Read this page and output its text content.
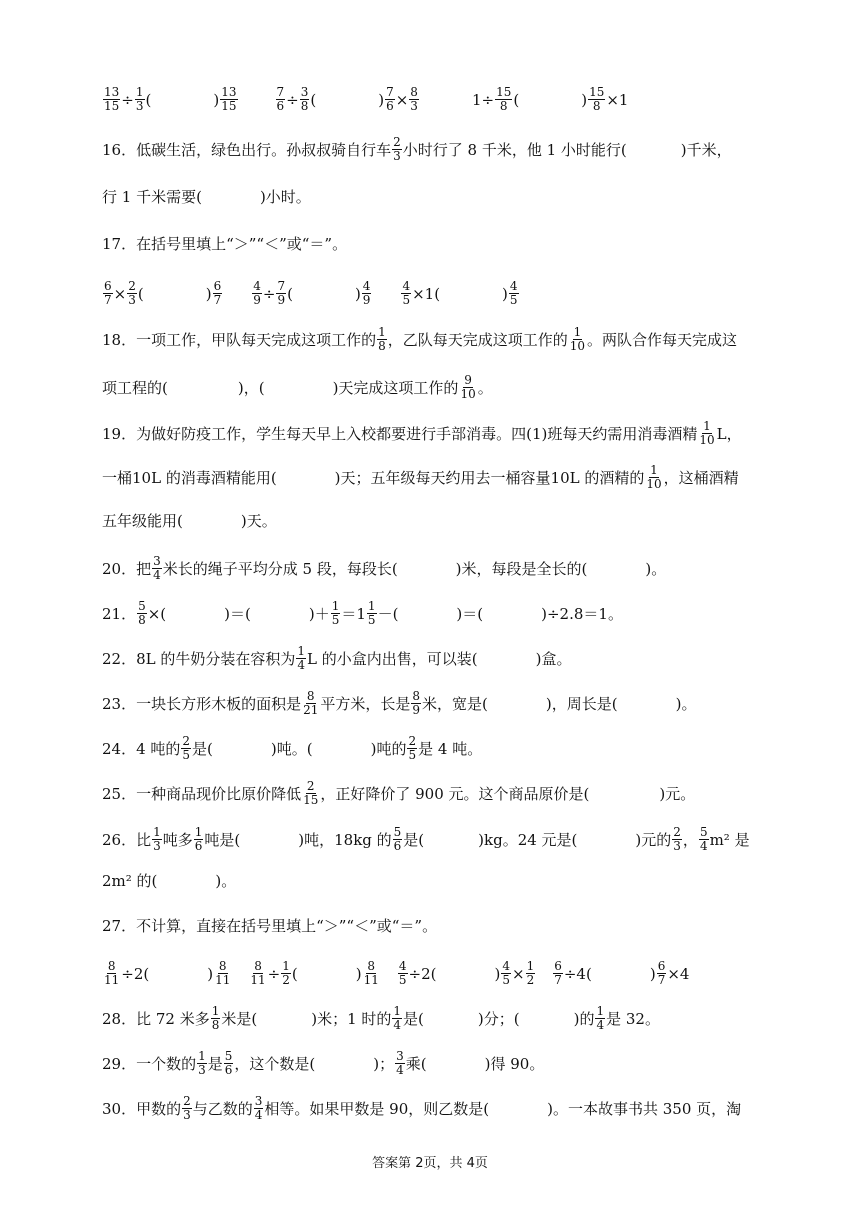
$\frac{13}{15} \div \frac{1}{3}$ (	) $\frac{13}{15}$	$\frac{7}{6} \div \frac{3}{8}$ (	) $\frac{7}{6} \times \frac{8}{3}$	$1\div \frac{15}{8}$ (	) $\frac{15}{8} \times 1$
16．低碳生活，绿色出行。孙叔叔骑自行车 $\frac{2}{3}$ 小时行了 8 千米，他 1 小时能行(	)千米，
行 1 千米需要(	)小时。
17．在括号里填上“＞”“＜”或“＝”。
$\frac{6}{7} \times \frac{2}{3}$ (	) $\frac{6}{7}$	$\frac{4}{9} \div \frac{7}{9}$ (	) $\frac{4}{9}$	$\frac{4}{5} \times 1$(	) $\frac{4}{5}$
18．一项工作，甲队每天完成这项工作的 $\frac{1}{8}$ ，乙队每天完成这项工作的 $\frac{1}{10}$ 。两队合作每天完成这
项工程的(	)，(	)天完成这项工作的 $\frac{9}{10}$ 。
19．为做好防疫工作，学生每天早上入校都要进行手部消毒。四(1)班每天约需用消毒酒精 $\frac{1}{10}$ L，
一桶10L 的消毒酒精能用(	)天；五年级每天约用去一桶容量10L 的酒精的 $\frac{1}{10}$ ，这桶酒精
五年级能用(	)天。
20．把 $\frac{3}{4}$ 米长的绳子平均分成 5 段，每段长(	)米，每段是全长的(	)。
21． $\frac{5}{8}$ ×(	)＝(	)＋ $\frac{1}{5} =1 \frac{1}{5}$ －(	)＝(	)÷2.8＝1。
22．8L 的牛奶分装在容积为 $\frac{1}{4}$ L 的小盒内出售，可以装(	)盒。
23．一块长方形木板的面积是 $\frac{8}{21}$ 平方米，长是 $\frac{8}{9}$ 米，宽是(	)，周长是(	)。
24．4 吨的 $\frac{2}{5}$ 是(	)吨。(	)吨的 $\frac{2}{5}$ 是 4 吨。
25．一种商品现价比原价降低 $\frac{2}{15}$ ，正好降价了 900 元。这个商品原价是(	)元。
26．比 $\frac{1}{3}$ 吨多 $\frac{1}{6}$ 吨是(	)吨，18kg 的 $\frac{5}{6}$ 是(	)kg。24 元是(	)元的 $\frac{2}{3}$ ， $\frac{5}{4} m^2$ 是
2m² 的(	)。
27．不计算，直接在括号里填上“＞”“＜”或“＝”。
$\frac{8}{11} \div 2$(	) $\frac{8}{11} \frac{8}{11} \div \frac{1}{2}$ (	) $\frac{8}{11} \frac{4}{5} \div 2$(	) $\frac{4}{5} \times \frac{1}{2} \frac{6}{7} \div 4$(	) $\frac{6}{7} \times 4$
28．比 72 米多 $\frac{1}{8}$ 米是(	)米；1 时的 $\frac{1}{4}$ 是(	)分；(	)的 $\frac{1}{4}$ 是 32。
29．一个数的 $\frac{1}{3}$ 是 $\frac{5}{6}$ ，这个数是(	)； $\frac{3}{4}$ 乘(	)得 90。
30．甲数的 $\frac{2}{3}$ 与乙数的 $\frac{3}{4}$ 相等。如果甲数是 90，则乙数是(	)。一本故事书共 350 页，淘
答案第 2页，共 4页
